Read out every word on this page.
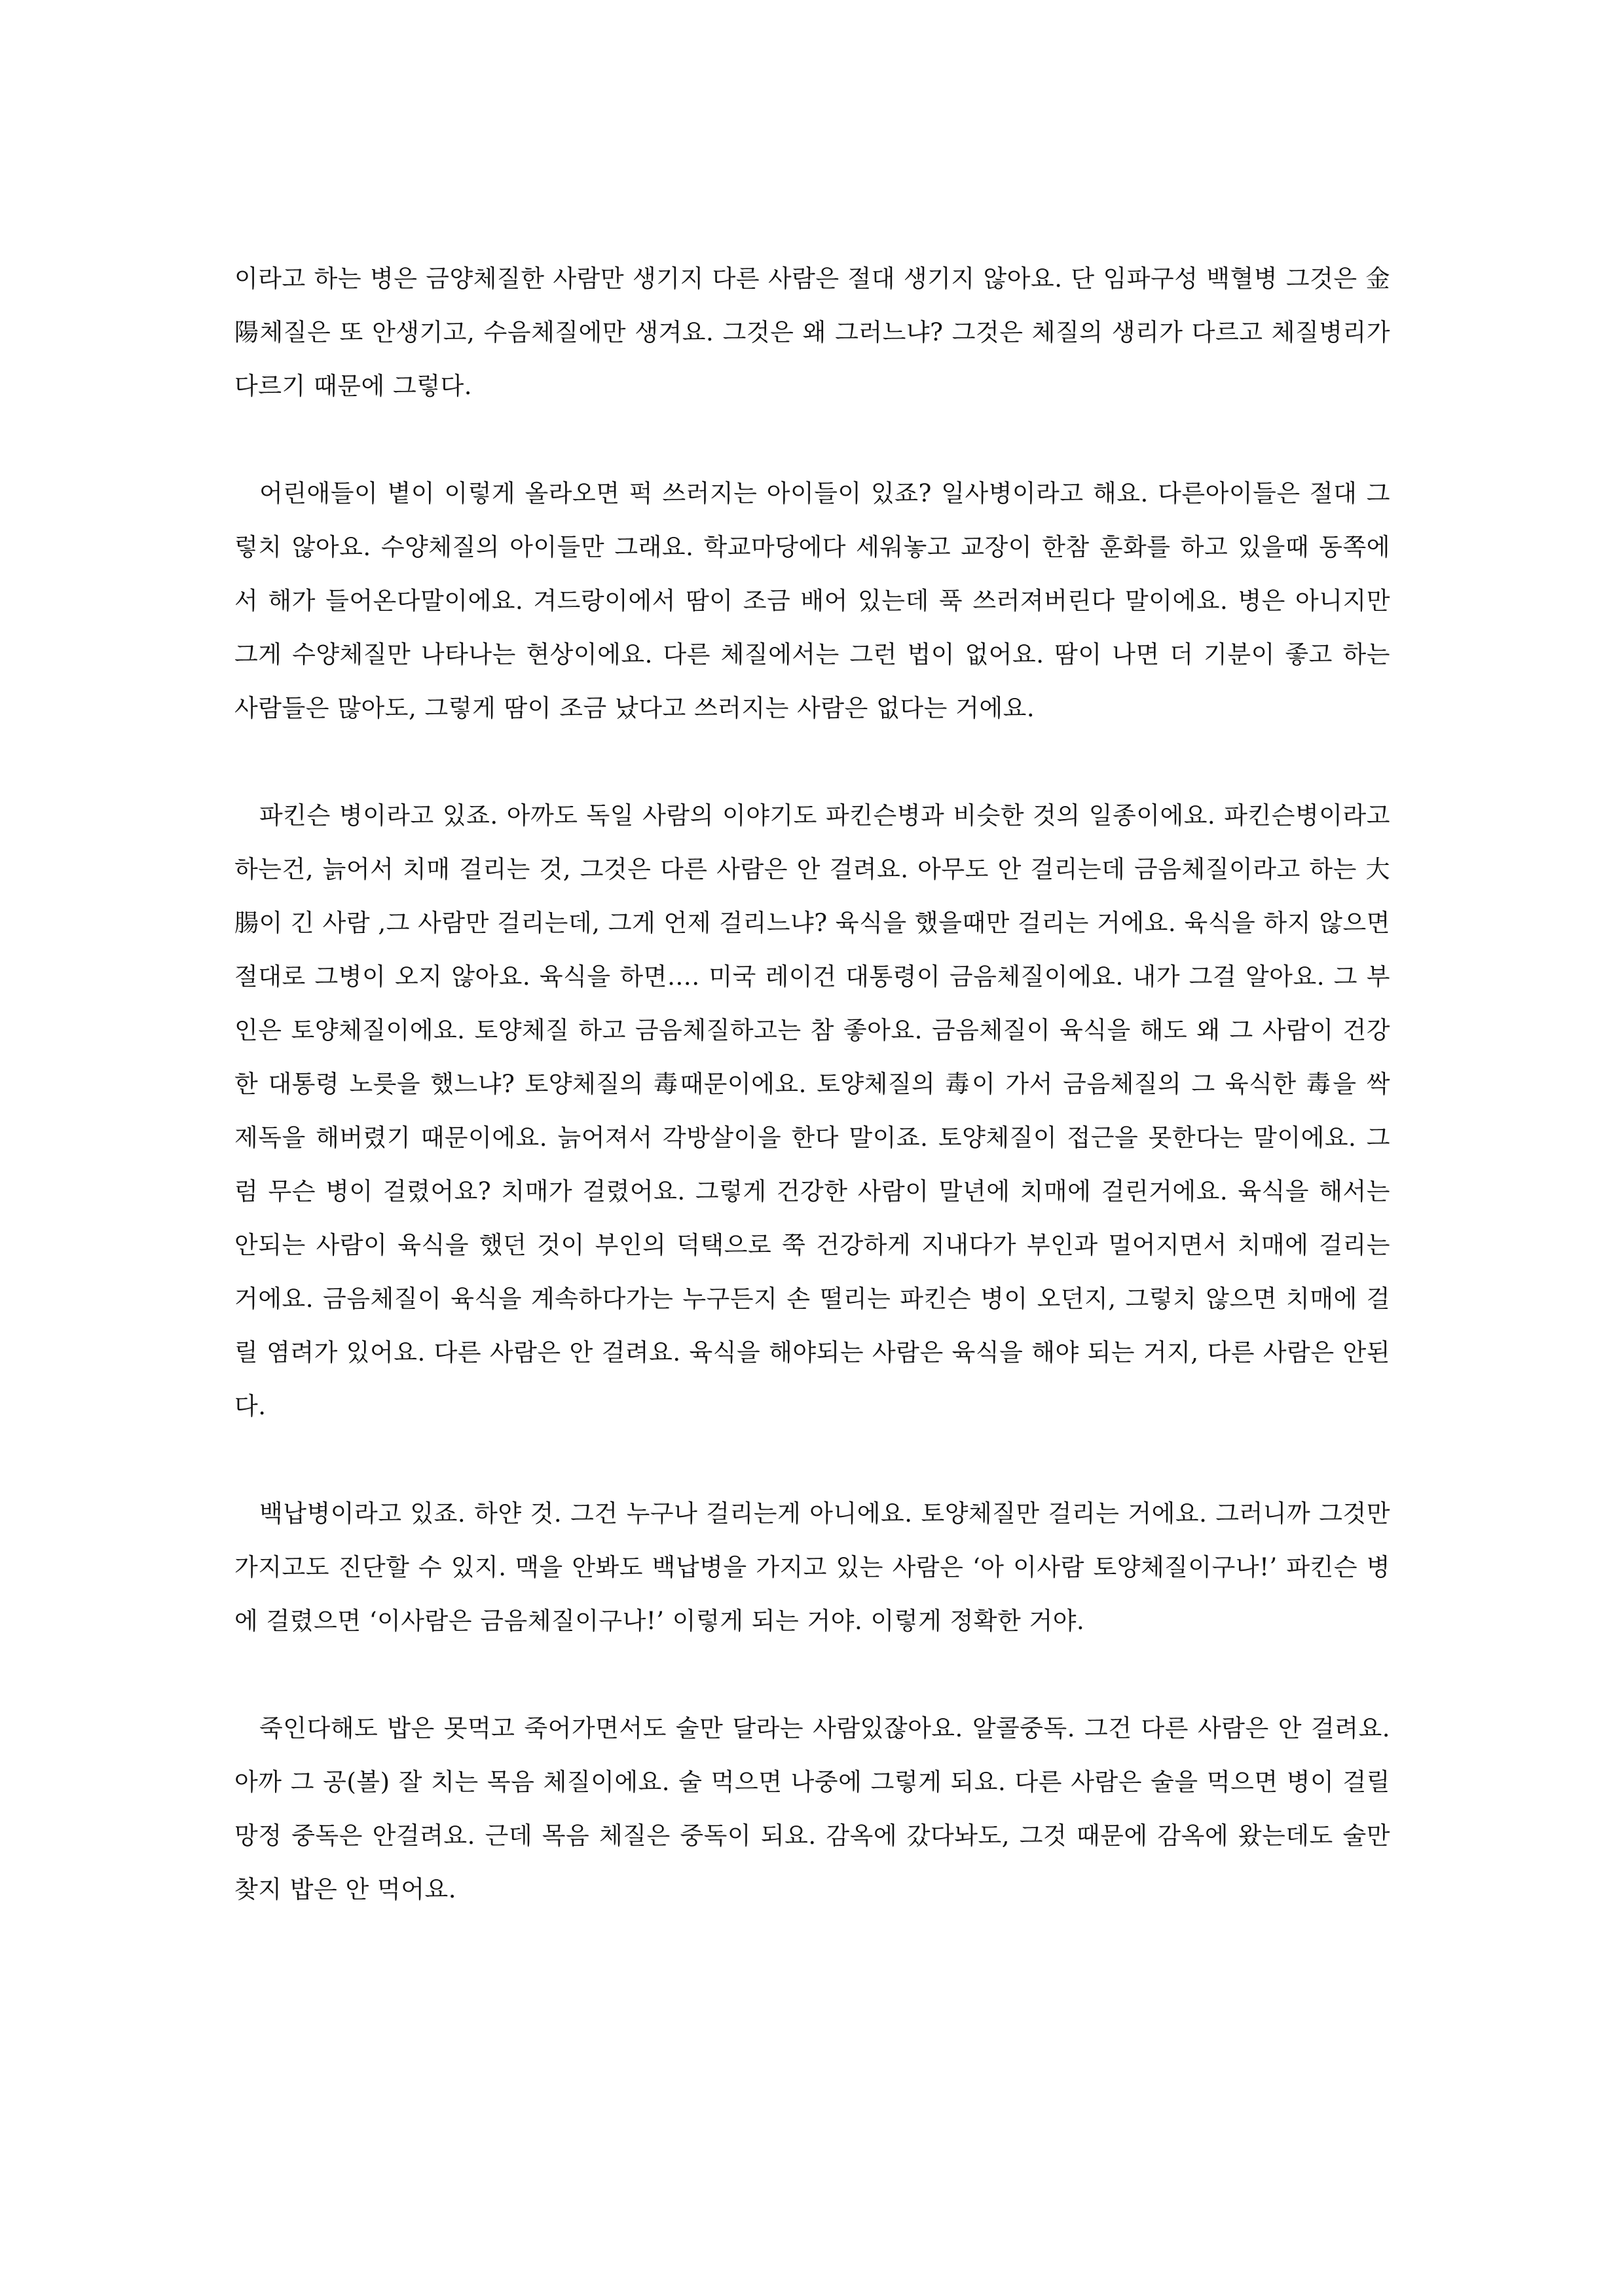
이라고 하는 병은 금양체질한 사람만 생기지 다른 사람은 절대 생기지 않아요. 단 임파구성 백혈병 그것은 金陽체질은 또 안생기고, 수음체질에만 생겨요. 그것은 왜 그러느냐? 그것은 체질의 생리가 다르고 체질병리가 다르기 때문에 그렇다.

어린애들이 볕이 이렇게 올라오면 퍽 쓰러지는 아이들이 있죠? 일사병이라고 해요. 다른아이들은 절대 그렇치 않아요. 수양체질의 아이들만 그래요. 학교마당에다 세워놓고 교장이 한참 훈화를 하고 있을때 동쪽에서 해가 들어온다말이에요. 겨드랑이에서 땀이 조금 배어 있는데 푹 쓰러져버린다 말이에요. 병은 아니지만 그게 수양체질만 나타나는 현상이에요. 다른 체질에서는 그런 법이 없어요. 땀이 나면 더 기분이 좋고 하는 사람들은 많아도, 그렇게 땀이 조금 났다고 쓰러지는 사람은 없다는 거에요.

파킨슨 병이라고 있죠. 아까도 독일 사람의 이야기도 파킨슨병과 비슷한 것의 일종이에요. 파킨슨병이라고 하는건, 늙어서 치매 걸리는 것, 그것은 다른 사람은 안 걸려요. 아무도 안 걸리는데 금음체질이라고 하는 大腸이 긴 사람 ,그 사람만 걸리는데, 그게 언제 걸리느냐? 육식을 했을때만 걸리는 거에요. 육식을 하지 않으면 절대로 그병이 오지 않아요. 육식을 하면…. 미국 레이건 대통령이 금음체질이에요. 내가 그걸 알아요. 그 부인은 토양체질이에요. 토양체질 하고 금음체질하고는 참 좋아요. 금음체질이 육식을 해도 왜 그 사람이 건강한 대통령 노릇을 했느냐? 토양체질의 毒때문이에요. 토양체질의 毒이 가서 금음체질의 그 육식한 毒을 싹 제독을 해버렸기 때문이에요. 늙어져서 각방살이을 한다 말이죠. 토양체질이 접근을 못한다는 말이에요. 그럼 무슨 병이 걸렸어요? 치매가 걸렸어요. 그렇게 건강한 사람이 말년에 치매에 걸린거에요. 육식을 해서는 안되는 사람이 육식을 했던 것이 부인의 덕택으로 쭉 건강하게 지내다가 부인과 멀어지면서 치매에 걸리는 거에요. 금음체질이 육식을 계속하다가는 누구든지 손 떨리는 파킨슨 병이 오던지, 그렇치 않으면 치매에 걸릴 염려가 있어요. 다른 사람은 안 걸려요. 육식을 해야되는 사람은 육식을 해야 되는 거지, 다른 사람은 안된다.

백납병이라고 있죠. 하얀 것. 그건 누구나 걸리는게 아니에요. 토양체질만 걸리는 거에요. 그러니까 그것만 가지고도 진단할 수 있지. 맥을 안봐도 백납병을 가지고 있는 사람은 ‘아 이사람 토양체질이구나!’ 파킨슨 병에 걸렸으면 ‘이사람은 금음체질이구나!’ 이렇게 되는 거야. 이렇게 정확한 거야.

죽인다해도 밥은 못먹고 죽어가면서도 술만 달라는 사람있잖아요. 알콜중독. 그건 다른 사람은 안 걸려요. 아까 그 공(볼) 잘 치는 목음 체질이에요. 술 먹으면 나중에 그렇게 되요. 다른 사람은 술을 먹으면 병이 걸릴 망정 중독은 안걸려요. 근데 목음 체질은 중독이 되요. 감옥에 갔다놔도, 그것 때문에 감옥에 왔는데도 술만 찾지 밥은 안 먹어요.
